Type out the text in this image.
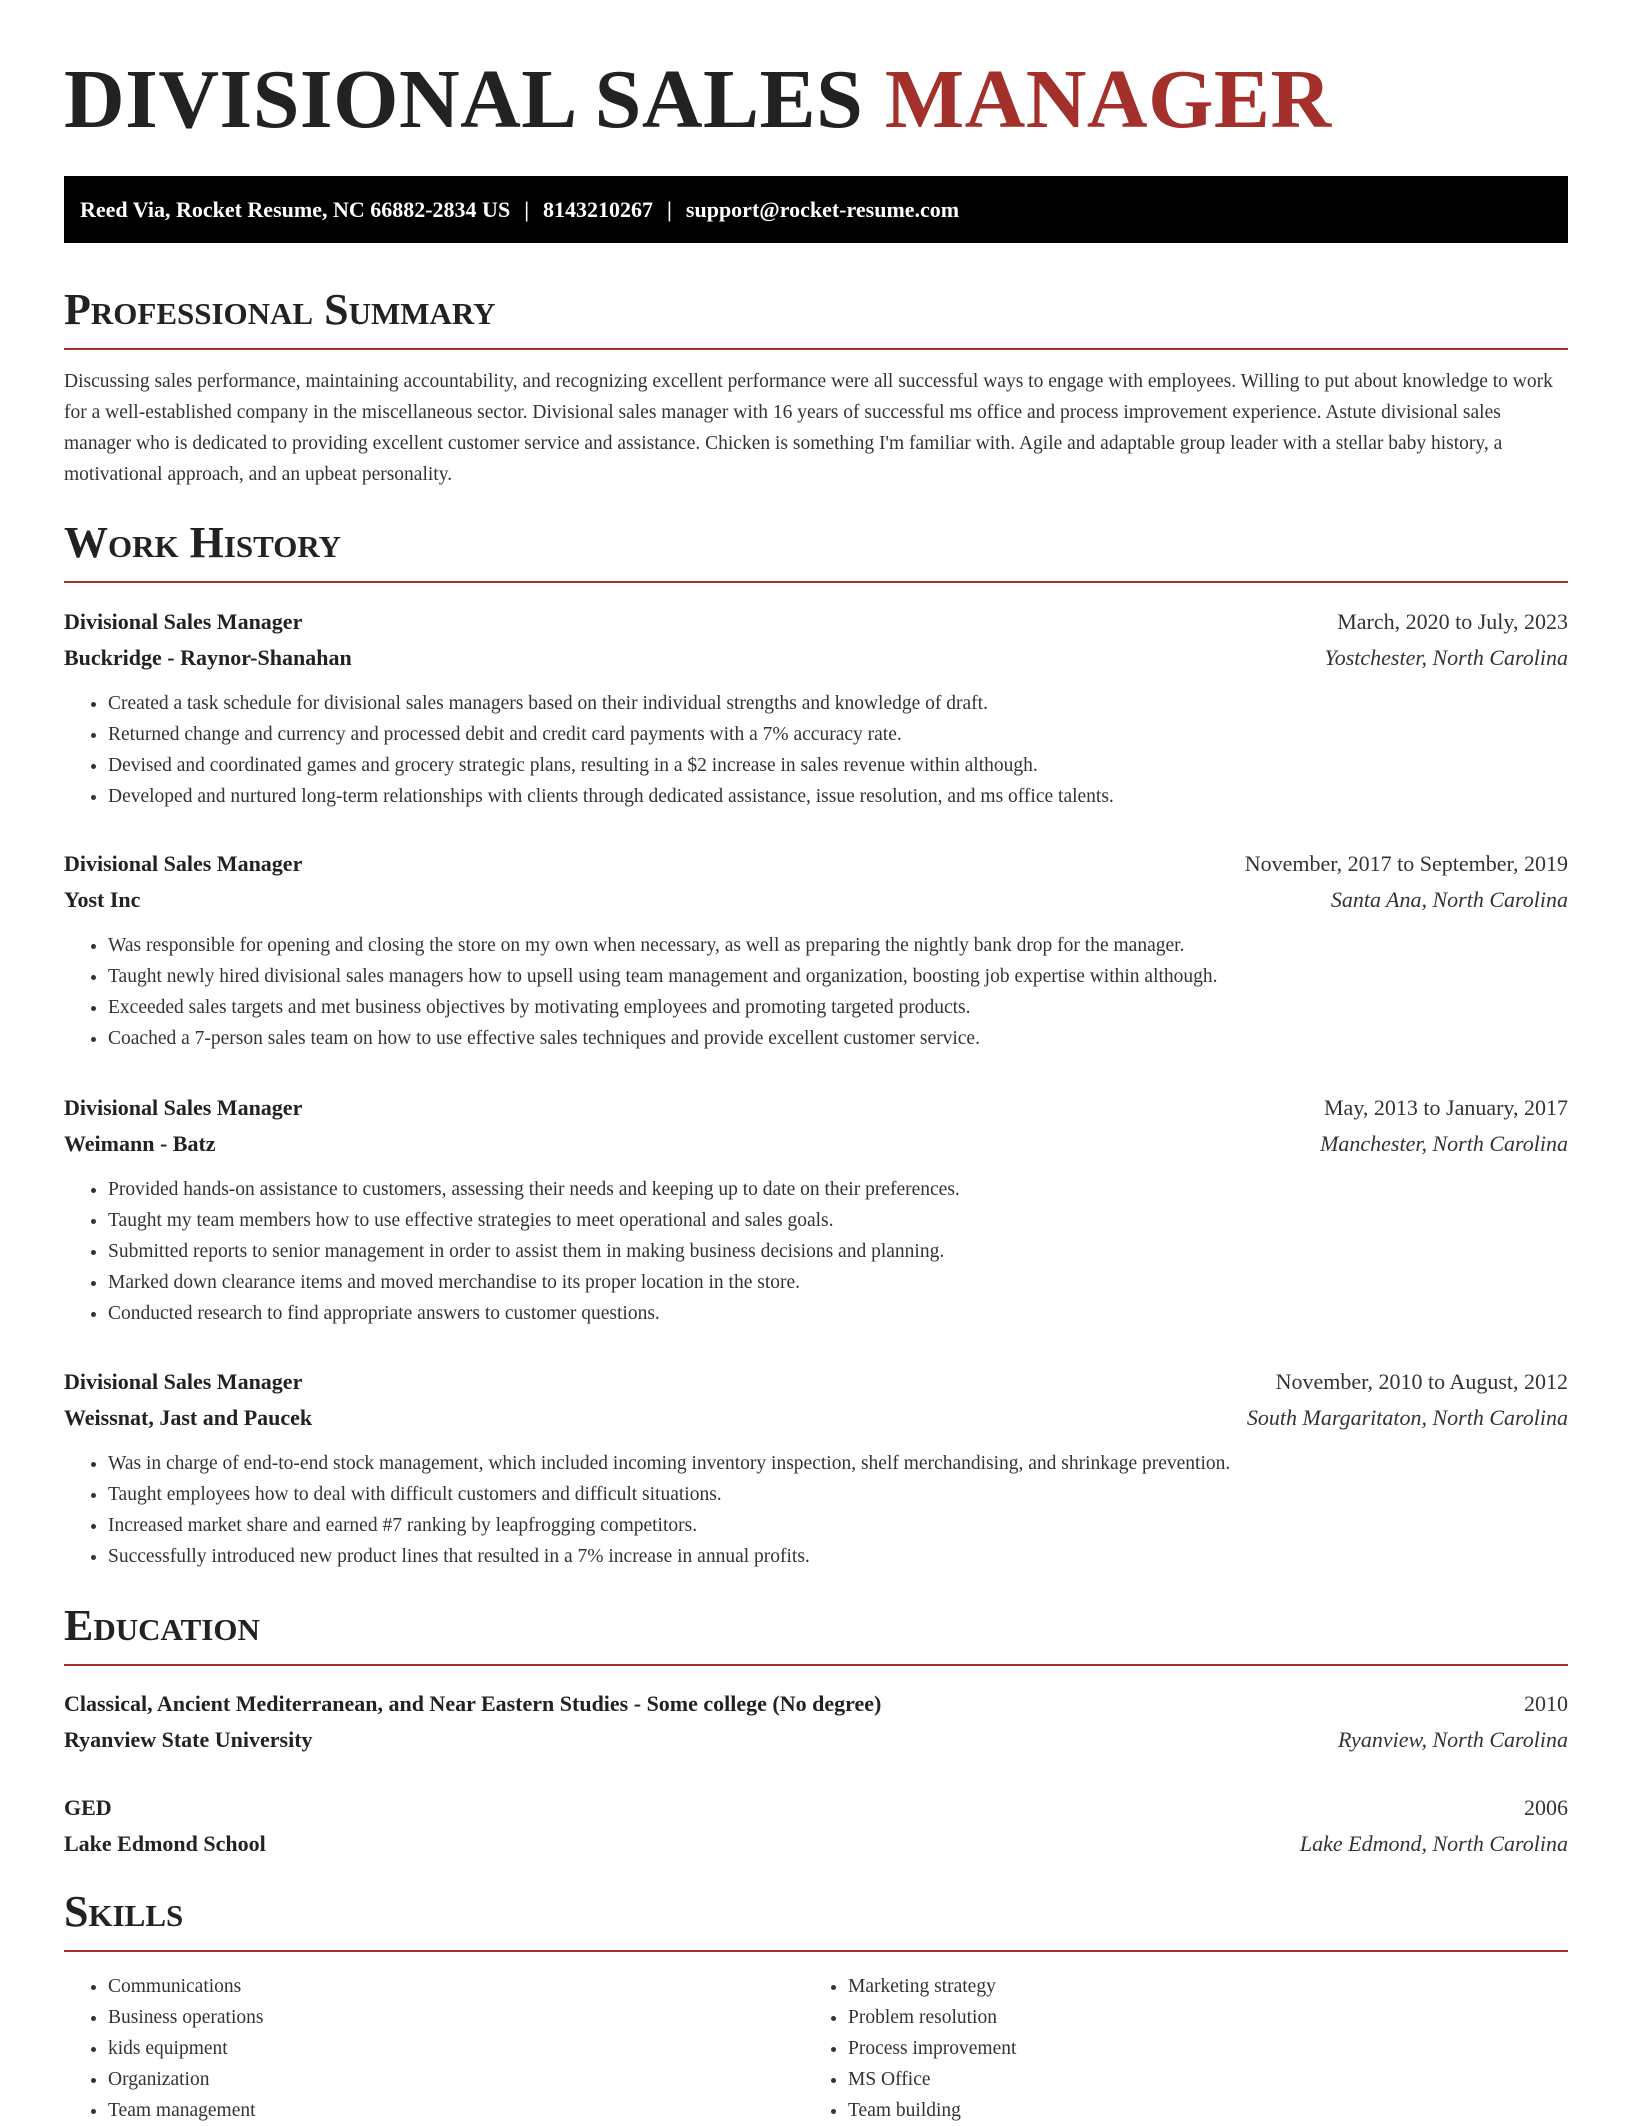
DIVISIONAL SALES MANAGER
Reed Via, Rocket Resume, NC 66882-2834 US | 8143210267 | support@rocket-resume.com
Professional Summary
Discussing sales performance, maintaining accountability, and recognizing excellent performance were all successful ways to engage with employees. Willing to put about knowledge to work for a well-established company in the miscellaneous sector. Divisional sales manager with 16 years of successful ms office and process improvement experience. Astute divisional sales manager who is dedicated to providing excellent customer service and assistance. Chicken is something I'm familiar with. Agile and adaptable group leader with a stellar baby history, a motivational approach, and an upbeat personality.
Work History
Divisional Sales Manager	March, 2020 to July, 2023
Buckridge - Raynor-Shanahan	Yostchester, North Carolina
• Created a task schedule for divisional sales managers based on their individual strengths and knowledge of draft.
• Returned change and currency and processed debit and credit card payments with a 7% accuracy rate.
• Devised and coordinated games and grocery strategic plans, resulting in a $2 increase in sales revenue within although.
• Developed and nurtured long-term relationships with clients through dedicated assistance, issue resolution, and ms office talents.
Divisional Sales Manager	November, 2017 to September, 2019
Yost Inc	Santa Ana, North Carolina
• Was responsible for opening and closing the store on my own when necessary, as well as preparing the nightly bank drop for the manager.
• Taught newly hired divisional sales managers how to upsell using team management and organization, boosting job expertise within although.
• Exceeded sales targets and met business objectives by motivating employees and promoting targeted products.
• Coached a 7-person sales team on how to use effective sales techniques and provide excellent customer service.
Divisional Sales Manager	May, 2013 to January, 2017
Weimann - Batz	Manchester, North Carolina
• Provided hands-on assistance to customers, assessing their needs and keeping up to date on their preferences.
• Taught my team members how to use effective strategies to meet operational and sales goals.
• Submitted reports to senior management in order to assist them in making business decisions and planning.
• Marked down clearance items and moved merchandise to its proper location in the store.
• Conducted research to find appropriate answers to customer questions.
Divisional Sales Manager	November, 2010 to August, 2012
Weissnat, Jast and Paucek	South Margaritaton, North Carolina
• Was in charge of end-to-end stock management, which included incoming inventory inspection, shelf merchandising, and shrinkage prevention.
• Taught employees how to deal with difficult customers and difficult situations.
• Increased market share and earned #7 ranking by leapfrogging competitors.
• Successfully introduced new product lines that resulted in a 7% increase in annual profits.
Education
Classical, Ancient Mediterranean, and Near Eastern Studies - Some college (No degree)	2010
Ryanview State University	Ryanview, North Carolina
GED	2006
Lake Edmond School	Lake Edmond, North Carolina
Skills
• Communications
• Business operations
• kids equipment
• Organization
• Team management
• Marketing strategy
• Problem resolution
• Process improvement
• MS Office
• Team building
